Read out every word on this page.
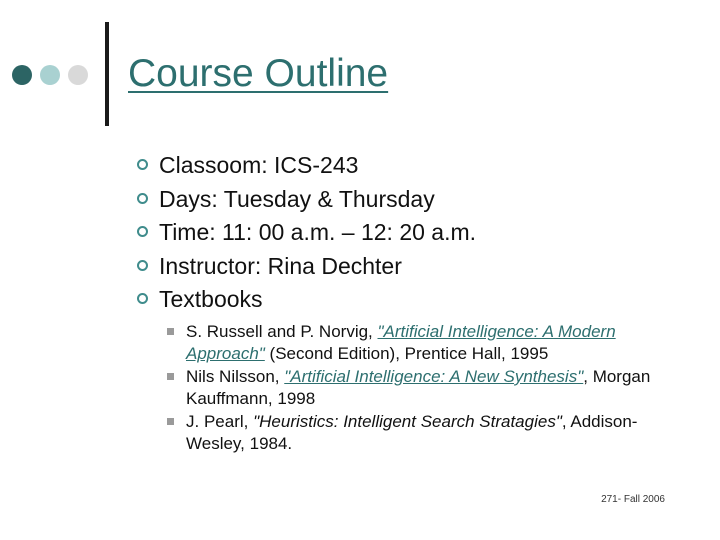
Course Outline
Classoom: ICS-243
Days: Tuesday & Thursday
Time: 11: 00 a.m. – 12: 20 a.m.
Instructor: Rina Dechter
Textbooks
S. Russell and P. Norvig, "Artificial Intelligence: A Modern Approach" (Second Edition), Prentice Hall, 1995
Nils Nilsson, "Artificial Intelligence: A New Synthesis", Morgan Kauffmann, 1998
J. Pearl, "Heuristics: Intelligent Search Stratagies", Addison-Wesley, 1984.
271- Fall 2006
